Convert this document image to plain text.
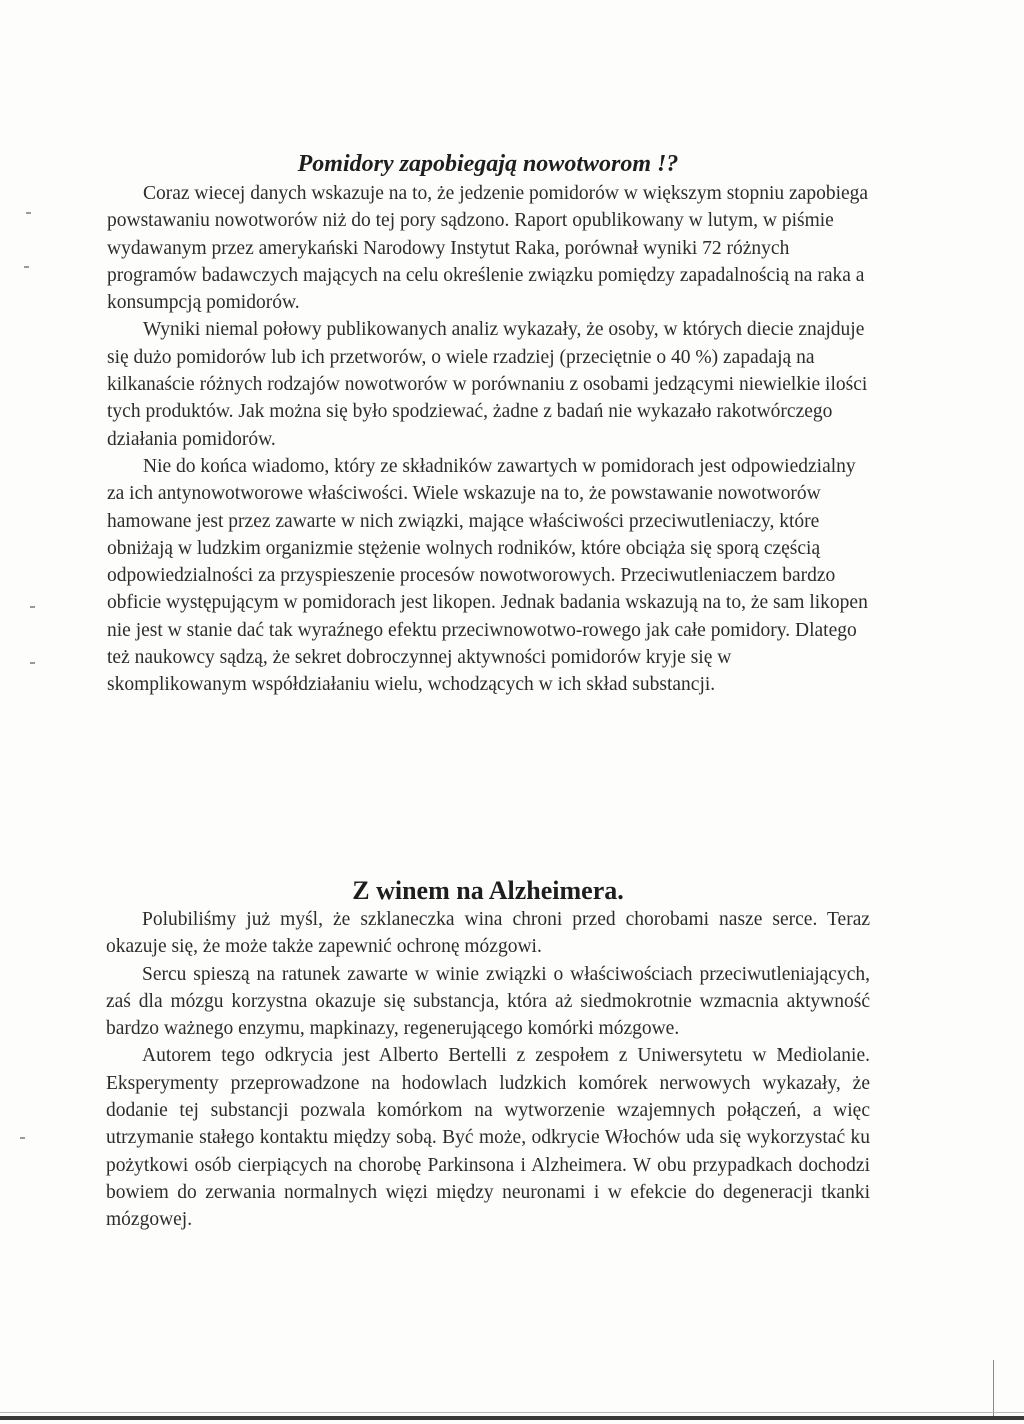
Pomidory zapobiegają nowotworom !?

Coraz wiecej danych wskazuje na to, że jedzenie pomidorów w większym stopniu zapobiega powstawaniu nowotworów niż do tej pory sądzono. Raport opublikowany w lutym, w piśmie wydawanym przez amerykański Narodowy Instytut Raka, porównał wyniki 72 różnych programów badawczych mających na celu określenie związku pomiędzy zapadalnością na raka a konsumpcją pomidorów.

Wyniki niemal połowy publikowanych analiz wykazały, że osoby, w których diecie znajduje się dużo pomidorów lub ich przetworów, o wiele rzadziej (przeciętnie o 40 %) zapadają na kilkanaście różnych rodzajów nowotworów w porównaniu z osobami jedzącymi niewielkie ilości tych produktów. Jak można się było spodziewać, żadne z badań nie wykazało rakotwórczego działania pomidorów.

Nie do końca wiadomo, który ze składników zawartych w pomidorach jest odpowiedzialny za ich antynowotworowe właściwości. Wiele wskazuje na to, że powstawanie nowotworów hamowane jest przez zawarte w nich związki, mające właściwości przeciwutleniaczy, które obniżają w ludzkim organizmie stężenie wolnych rodników, które obciąża się sporą częścią odpowiedzialności za przyspieszenie procesów nowotworowych. Przeciwutleniaczem bardzo obficie występującym w pomidorach jest likopen. Jednak badania wskazują na to, że sam likopen nie jest w stanie dać tak wyraźnego efektu przeciwnowotwo-rowego jak całe pomidory. Dlatego też naukowcy sądzą, że sekret dobroczynnej aktywności pomidorów kryje się w skomplikowanym współdziałaniu wielu, wchodzących w ich skład substancji.

Z winem na Alzheimera.

Polubiliśmy już myśl, że szklaneczka wina chroni przed chorobami nasze serce. Teraz okazuje się, że może także zapewnić ochronę mózgowi.

Sercu spieszą na ratunek zawarte w winie związki o właściwościach przeciwutleniających, zaś dla mózgu korzystna okazuje się substancja, która aż siedmokrotnie wzmacnia aktywność bardzo ważnego enzymu, mapkinazy, regenerującego komórki mózgowe.

Autorem tego odkrycia jest Alberto Bertelli z zespołem z Uniwersytetu w Mediolanie. Eksperymenty przeprowadzone na hodowlach ludzkich komórek nerwowych wykazały, że dodanie tej substancji pozwala komórkom na wytworzenie wzajemnych połączeń, a więc utrzymanie stałego kontaktu między sobą. Być może, odkrycie Włochów uda się wykorzystać ku pożytkowi osób cierpiących na chorobę Parkinsona i Alzheimera. W obu przypadkach dochodzi bowiem do zerwania normalnych więzi między neuronami i w efekcie do degeneracji tkanki mózgowej.
